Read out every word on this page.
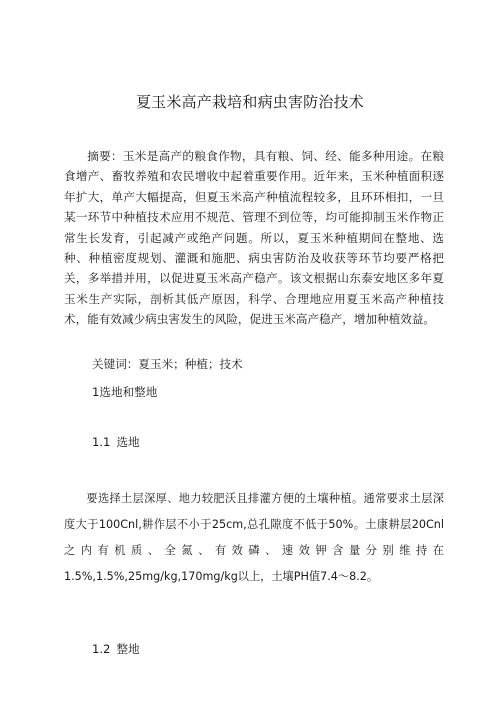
夏玉米高产栽培和病虫害防治技术

摘要：玉米是高产的粮食作物，具有粮、饲、经、能多种用途。在粮食增产、畜牧养殖和农民增收中起着重要作用。近年来，玉米种植面积逐年扩大，单产大幅提高，但夏玉米高产种植流程较多，且环环相扣，一旦某一环节中种植技术应用不规范、管理不到位等，均可能抑制玉米作物正常生长发育，引起减产或绝产问题。所以，夏玉米种植期间在整地、选种、种植密度规划、灌溉和施肥、病虫害防治及收获等环节均要严格把关，多举措并用，以促进夏玉米高产稳产。该文根据山东泰安地区多年夏玉米生产实际，剖析其低产原因，科学、合理地应用夏玉米高产种植技术，能有效减少病虫害发生的风险，促进玉米高产稳产，增加种植效益。

关键词：夏玉米；种植；技术

1选地和整地
1.1 选地

要选择土层深厚、地力较肥沃且排灌方便的土壤种植。通常要求土层深度大于100Cnl,耕作层不小于25cm,总孔隙度不低于50%。土康耕层20Cnl之内有机质、全氮、有效磷、速效钾含量分别维持在1.5%,1.5%,25mg/kg,170mg/kg以上，土壤PH值7.4～8.2。

1.2 整地
